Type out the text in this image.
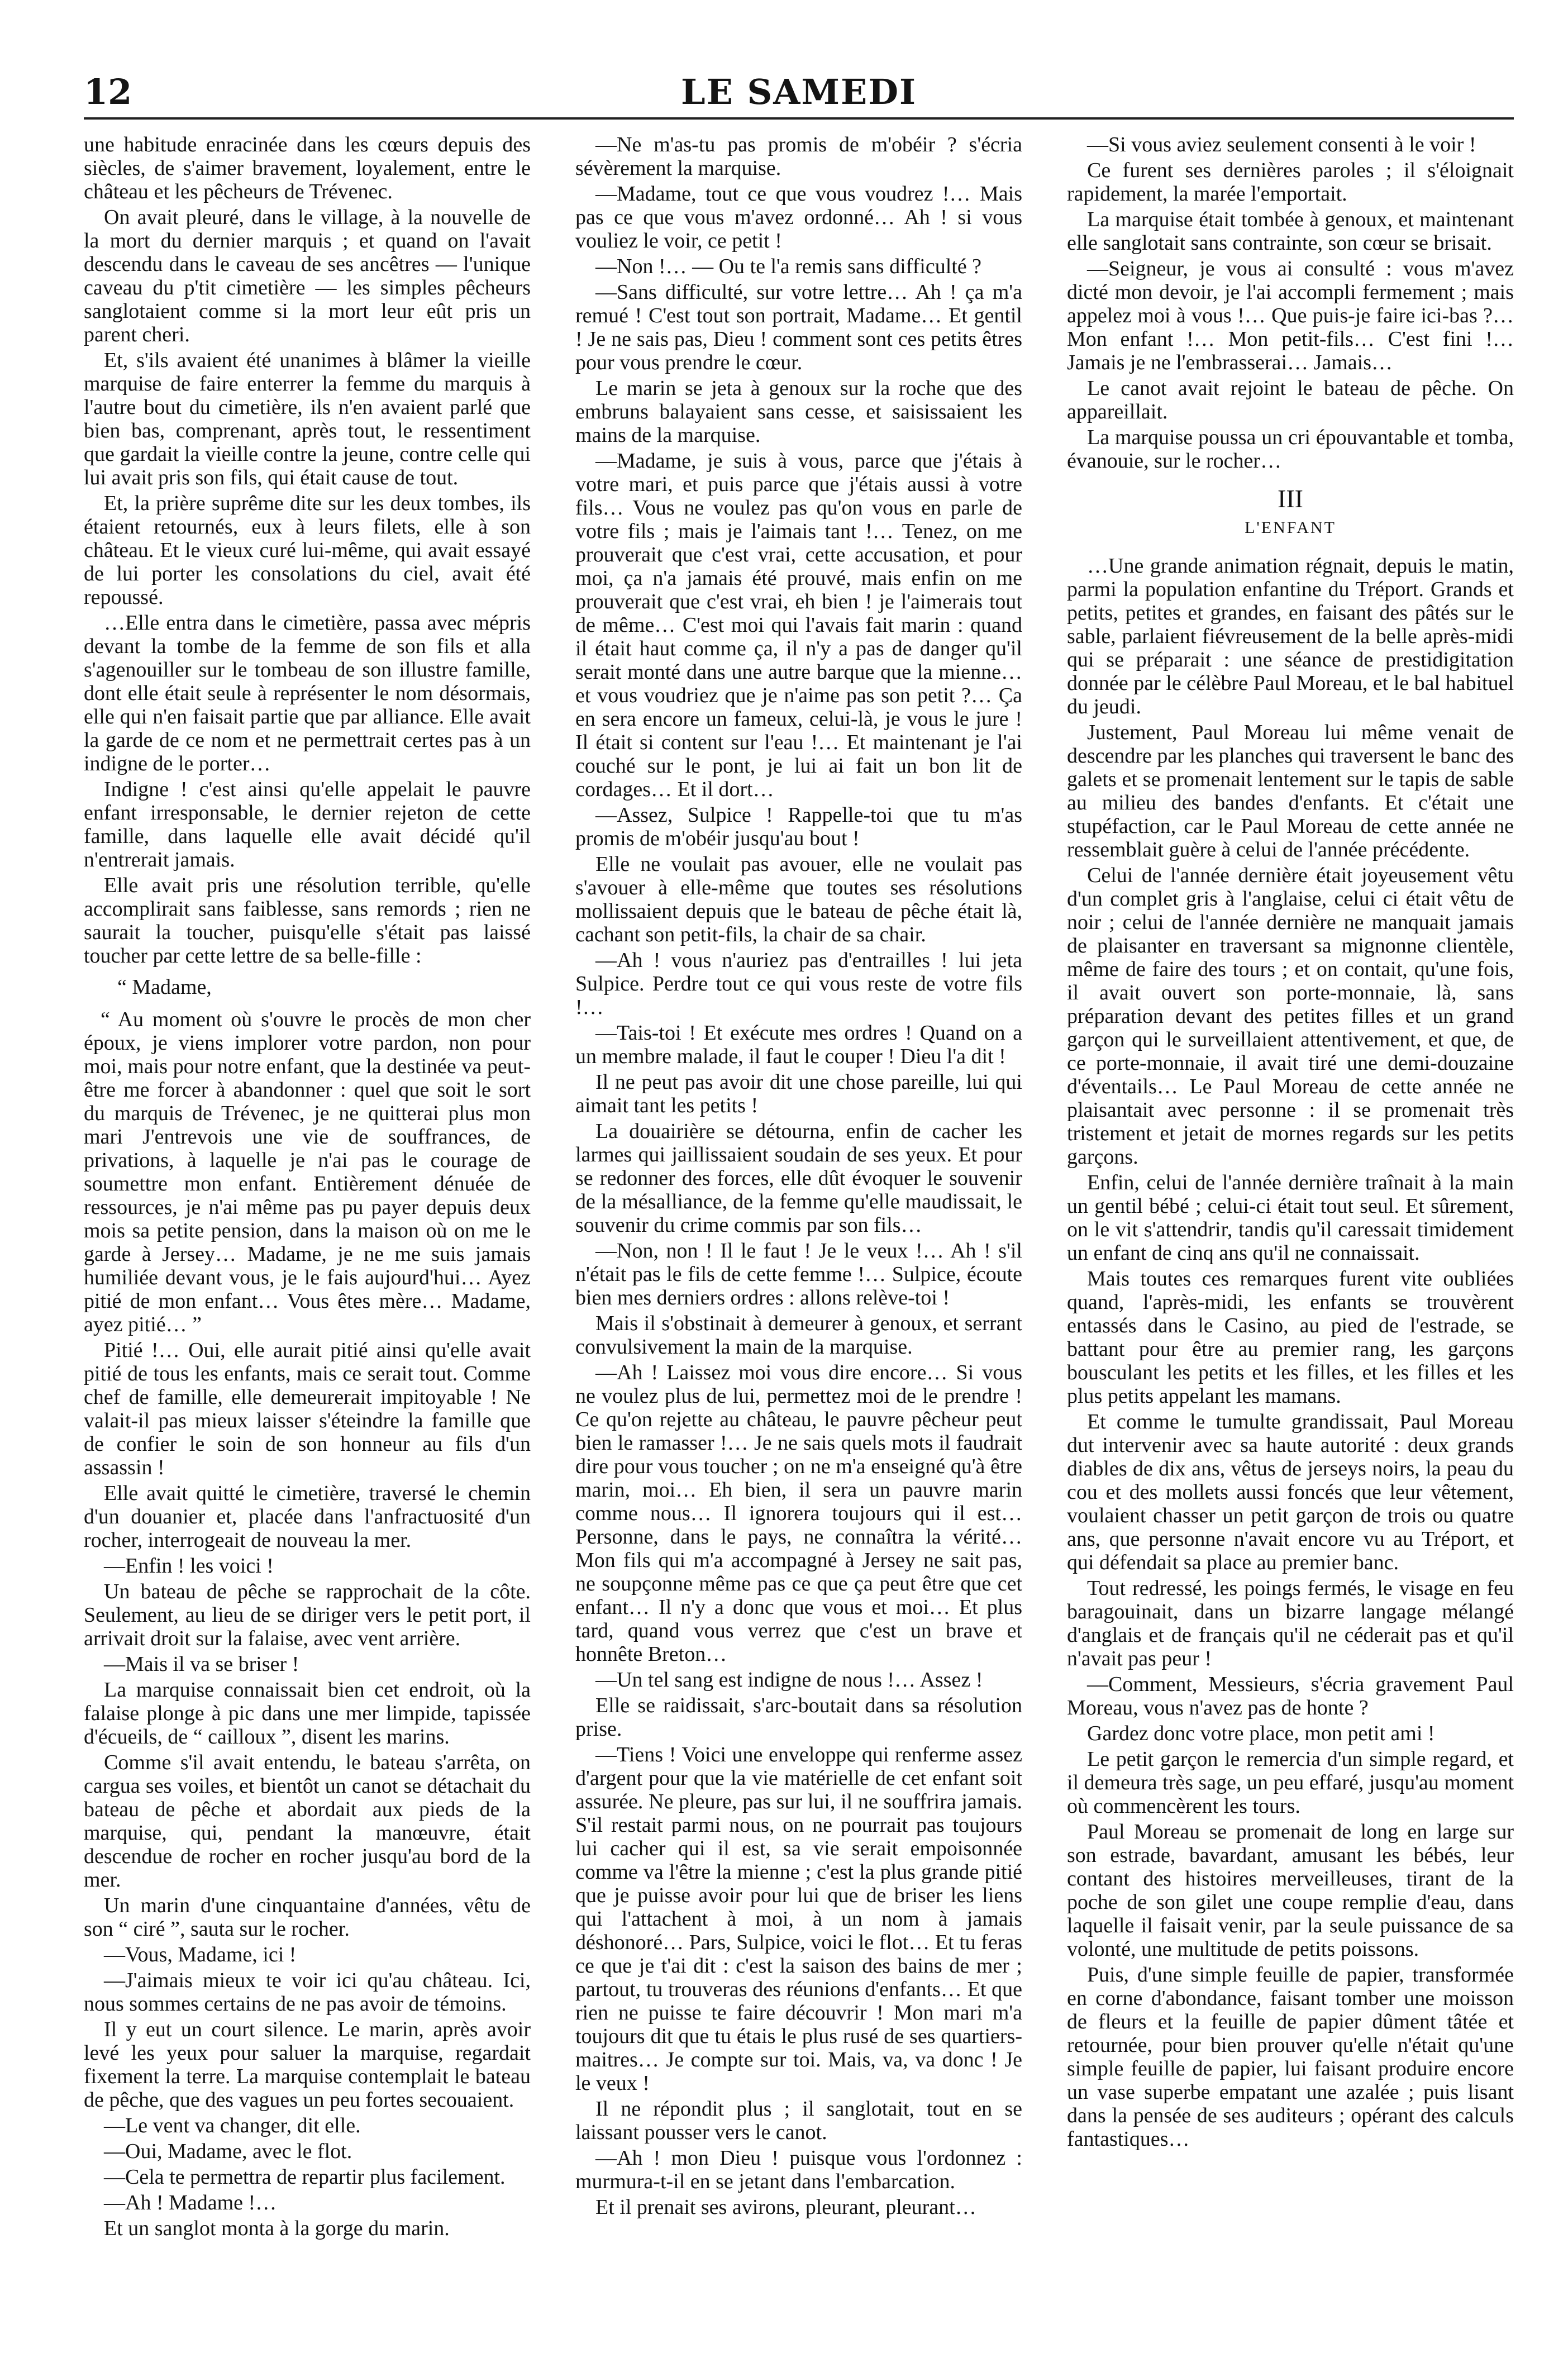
12	LE SAMEDI

une habitude enracinée dans les cœurs depuis des siècles, de s'aimer bravement, loyalement, entre le château et les pêcheurs de Trévenec.

On avait pleuré, dans le village, à la nouvelle de la mort du dernier marquis ; et quand on l'avait descendu dans le caveau de ses ancêtres — l'unique caveau du p'tit cimetière — les simples pêcheurs sanglotaient comme si la mort leur eût pris un parent cheri.

Et, s'ils avaient été unanimes à blâmer la vieille marquise de faire enterrer la femme du marquis à l'autre bout du cimetière, ils n'en avaient parlé que bien bas, comprenant, après tout, le ressentiment que gardait la vieille contre la jeune, contre celle qui lui avait pris son fils, qui était cause de tout.

Et, la prière suprême dite sur les deux tombes, ils étaient retournés, eux à leurs filets, elle à son château. Et le vieux curé lui-même, qui avait essayé de lui porter les consolations du ciel, avait été repoussé.

…Elle entra dans le cimetière, passa avec mépris devant la tombe de la femme de son fils et alla s'agenouiller sur le tombeau de son illustre famille, dont elle était seule à représenter le nom désormais, elle qui n'en faisait partie que par alliance. Elle avait la garde de ce nom et ne permettrait certes pas à un indigne de le porter…

Indigne ! c'est ainsi qu'elle appelait le pauvre enfant irresponsable, le dernier rejeton de cette famille, dans laquelle elle avait décidé qu'il n'entrerait jamais.

Elle avait pris une résolution terrible, qu'elle accomplirait sans faiblesse, sans remords ; rien ne saurait la toucher, puisqu'elle s'était pas laissé toucher par cette lettre de sa belle-fille :

“ Madame,

“ Au moment où s'ouvre le procès de mon cher époux, je viens implorer votre pardon, non pour moi, mais pour notre enfant, que la destinée va peut-être me forcer à abandonner : quel que soit le sort du marquis de Trévenec, je ne quitterai plus mon mari J'entrevois une vie de souffrances, de privations, à laquelle je n'ai pas le courage de soumettre mon enfant. Entièrement dénuée de ressources, je n'ai même pas pu payer depuis deux mois sa petite pension, dans la maison où on me le garde à Jersey… Madame, je ne me suis jamais humiliée devant vous, je le fais aujourd'hui… Ayez pitié de mon enfant… Vous êtes mère… Madame, ayez pitié… ”

Pitié !… Oui, elle aurait pitié ainsi qu'elle avait pitié de tous les enfants, mais ce serait tout. Comme chef de famille, elle demeurerait impitoyable ! Ne valait-il pas mieux laisser s'éteindre la famille que de confier le soin de son honneur au fils d'un assassin !

Elle avait quitté le cimetière, traversé le chemin d'un douanier et, placée dans l'anfractuosité d'un rocher, interrogeait de nouveau la mer.

—Enfin ! les voici !

Un bateau de pêche se rapprochait de la côte. Seulement, au lieu de se diriger vers le petit port, il arrivait droit sur la falaise, avec vent arrière.

—Mais il va se briser !

La marquise connaissait bien cet endroit, où la falaise plonge à pic dans une mer limpide, tapissée d'écueils, de “ cailloux ”, disent les marins.

Comme s'il avait entendu, le bateau s'arrêta, on cargua ses voiles, et bientôt un canot se détachait du bateau de pêche et abordait aux pieds de la marquise, qui, pendant la manœuvre, était descendue de rocher en rocher jusqu'au bord de la mer.

Un marin d'une cinquantaine d'années, vêtu de son “ ciré ”, sauta sur le rocher.

—Vous, Madame, ici !

—J'aimais mieux te voir ici qu'au château. Ici, nous sommes certains de ne pas avoir de témoins.

Il y eut un court silence. Le marin, après avoir levé les yeux pour saluer la marquise, regardait fixement la terre. La marquise contemplait le bateau de pêche, que des vagues un peu fortes secouaient.

—Le vent va changer, dit elle.

—Oui, Madame, avec le flot.

—Cela te permettra de repartir plus facilement.

—Ah ! Madame !…

Et un sanglot monta à la gorge du marin.

—Ne m'as-tu pas promis de m'obéir ? s'écria sévèrement la marquise.

—Madame, tout ce que vous voudrez !… Mais pas ce que vous m'avez ordonné… Ah ! si vous vouliez le voir, ce petit !

—Non !… — Ou te l'a remis sans difficulté ?

—Sans difficulté, sur votre lettre… Ah ! ça m'a remué ! C'est tout son portrait, Madame… Et gentil ! Je ne sais pas, Dieu ! comment sont ces petits êtres pour vous prendre le cœur.

Le marin se jeta à genoux sur la roche que des embruns balayaient sans cesse, et saisissaient les mains de la marquise.

—Madame, je suis à vous, parce que j'étais à votre mari, et puis parce que j'étais aussi à votre fils… Vous ne voulez pas qu'on vous en parle de votre fils ; mais je l'aimais tant !… Tenez, on me prouverait que c'est vrai, cette accusation, et pour moi, ça n'a jamais été prouvé, mais enfin on me prouverait que c'est vrai, eh bien ! je l'aimerais tout de même… C'est moi qui l'avais fait marin : quand il était haut comme ça, il n'y a pas de danger qu'il serait monté dans une autre barque que la mienne… et vous voudriez que je n'aime pas son petit ?… Ça en sera encore un fameux, celui-là, je vous le jure ! Il était si content sur l'eau !… Et maintenant je l'ai couché sur le pont, je lui ai fait un bon lit de cordages… Et il dort…

—Assez, Sulpice ! Rappelle-toi que tu m'as promis de m'obéir jusqu'au bout !

Elle ne voulait pas avouer, elle ne voulait pas s'avouer à elle-même que toutes ses résolutions mollissaient depuis que le bateau de pêche était là, cachant son petit-fils, la chair de sa chair.

—Ah ! vous n'auriez pas d'entrailles ! lui jeta Sulpice. Perdre tout ce qui vous reste de votre fils !…

—Tais-toi ! Et exécute mes ordres ! Quand on a un membre malade, il faut le couper ! Dieu l'a dit !

Il ne peut pas avoir dit une chose pareille, lui qui aimait tant les petits !

La douairière se détourna, enfin de cacher les larmes qui jaillissaient soudain de ses yeux. Et pour se redonner des forces, elle dût évoquer le souvenir de la mésalliance, de la femme qu'elle maudissait, le souvenir du crime commis par son fils…

—Non, non ! Il le faut ! Je le veux !… Ah ! s'il n'était pas le fils de cette femme !… Sulpice, écoute bien mes derniers ordres : allons relève-toi !

Mais il s'obstinait à demeurer à genoux, et serrant convulsivement la main de la marquise.

—Ah ! Laissez moi vous dire encore… Si vous ne voulez plus de lui, permettez moi de le prendre ! Ce qu'on rejette au château, le pauvre pêcheur peut bien le ramasser !… Je ne sais quels mots il faudrait dire pour vous toucher ; on ne m'a enseigné qu'à être marin, moi… Eh bien, il sera un pauvre marin comme nous… Il ignorera toujours qui il est… Personne, dans le pays, ne connaîtra la vérité… Mon fils qui m'a accompagné à Jersey ne sait pas, ne soupçonne même pas ce que ça peut être que cet enfant… Il n'y a donc que vous et moi… Et plus tard, quand vous verrez que c'est un brave et honnête Breton…

—Un tel sang est indigne de nous !… Assez !

Elle se raidissait, s'arc-boutait dans sa résolution prise.

—Tiens ! Voici une enveloppe qui renferme assez d'argent pour que la vie matérielle de cet enfant soit assurée. Ne pleure, pas sur lui, il ne souffrira jamais. S'il restait parmi nous, on ne pourrait pas toujours lui cacher qui il est, sa vie serait empoisonnée comme va l'être la mienne ; c'est la plus grande pitié que je puisse avoir pour lui que de briser les liens qui l'attachent à moi, à un nom à jamais déshonoré… Pars, Sulpice, voici le flot… Et tu feras ce que je t'ai dit : c'est la saison des bains de mer ; partout, tu trouveras des réunions d'enfants… Et que rien ne puisse te faire découvrir ! Mon mari m'a toujours dit que tu étais le plus rusé de ses quartiers-maitres… Je compte sur toi. Mais, va, va donc ! Je le veux !

Il ne répondit plus ; il sanglotait, tout en se laissant pousser vers le canot.

—Ah ! mon Dieu ! puisque vous l'ordonnez : murmura-t-il en se jetant dans l'embarcation.

Et il prenait ses avirons, pleurant, pleurant…

—Si vous aviez seulement consenti à le voir !

Ce furent ses dernières paroles ; il s'éloignait rapidement, la marée l'emportait.

La marquise était tombée à genoux, et maintenant elle sanglotait sans contrainte, son cœur se brisait.

—Seigneur, je vous ai consulté : vous m'avez dicté mon devoir, je l'ai accompli fermement ; mais appelez moi à vous !… Que puis-je faire ici-bas ?… Mon enfant !… Mon petit-fils… C'est fini !… Jamais je ne l'embrasserai… Jamais…

Le canot avait rejoint le bateau de pêche. On appareillait.

La marquise poussa un cri épouvantable et tomba, évanouie, sur le rocher…

III
L'ENFANT

…Une grande animation régnait, depuis le matin, parmi la population enfantine du Tréport. Grands et petits, petites et grandes, en faisant des pâtés sur le sable, parlaient fiévreusement de la belle après-midi qui se préparait : une séance de prestidigitation donnée par le célèbre Paul Moreau, et le bal habituel du jeudi.

Justement, Paul Moreau lui même venait de descendre par les planches qui traversent le banc des galets et se promenait lentement sur le tapis de sable au milieu des bandes d'enfants. Et c'était une stupéfaction, car le Paul Moreau de cette année ne ressemblait guère à celui de l'année précédente.

Celui de l'année dernière était joyeusement vêtu d'un complet gris à l'anglaise, celui ci était vêtu de noir ; celui de l'année dernière ne manquait jamais de plaisanter en traversant sa mignonne clientèle, même de faire des tours ; et on contait, qu'une fois, il avait ouvert son porte-monnaie, là, sans préparation devant des petites filles et un grand garçon qui le surveillaient attentivement, et que, de ce porte-monnaie, il avait tiré une demi-douzaine d'éventails… Le Paul Moreau de cette année ne plaisantait avec personne : il se promenait très tristement et jetait de mornes regards sur les petits garçons.

Enfin, celui de l'année dernière traînait à la main un gentil bébé ; celui-ci était tout seul. Et sûrement, on le vit s'attendrir, tandis qu'il caressait timidement un enfant de cinq ans qu'il ne connaissait.

Mais toutes ces remarques furent vite oubliées quand, l'après-midi, les enfants se trouvèrent entassés dans le Casino, au pied de l'estrade, se battant pour être au premier rang, les garçons bousculant les petits et les filles, et les filles et les plus petits appelant les mamans.

Et comme le tumulte grandissait, Paul Moreau dut intervenir avec sa haute autorité : deux grands diables de dix ans, vêtus de jerseys noirs, la peau du cou et des mollets aussi foncés que leur vêtement, voulaient chasser un petit garçon de trois ou quatre ans, que personne n'avait encore vu au Tréport, et qui défendait sa place au premier banc.

Tout redressé, les poings fermés, le visage en feu baragouinait, dans un bizarre langage mélangé d'anglais et de français qu'il ne céderait pas et qu'il n'avait pas peur !

—Comment, Messieurs, s'écria gravement Paul Moreau, vous n'avez pas de honte ?

Gardez donc votre place, mon petit ami !

Le petit garçon le remercia d'un simple regard, et il demeura très sage, un peu effaré, jusqu'au moment où commencèrent les tours.

Paul Moreau se promenait de long en large sur son estrade, bavardant, amusant les bébés, leur contant des histoires merveilleuses, tirant de la poche de son gilet une coupe remplie d'eau, dans laquelle il faisait venir, par la seule puissance de sa volonté, une multitude de petits poissons.

Puis, d'une simple feuille de papier, transformée en corne d'abondance, faisant tomber une moisson de fleurs et la feuille de papier dûment tâtée et retournée, pour bien prouver qu'elle n'était qu'une simple feuille de papier, lui faisant produire encore un vase superbe empatant une azalée ; puis lisant dans la pensée de ses auditeurs ; opérant des calculs fantastiques…
